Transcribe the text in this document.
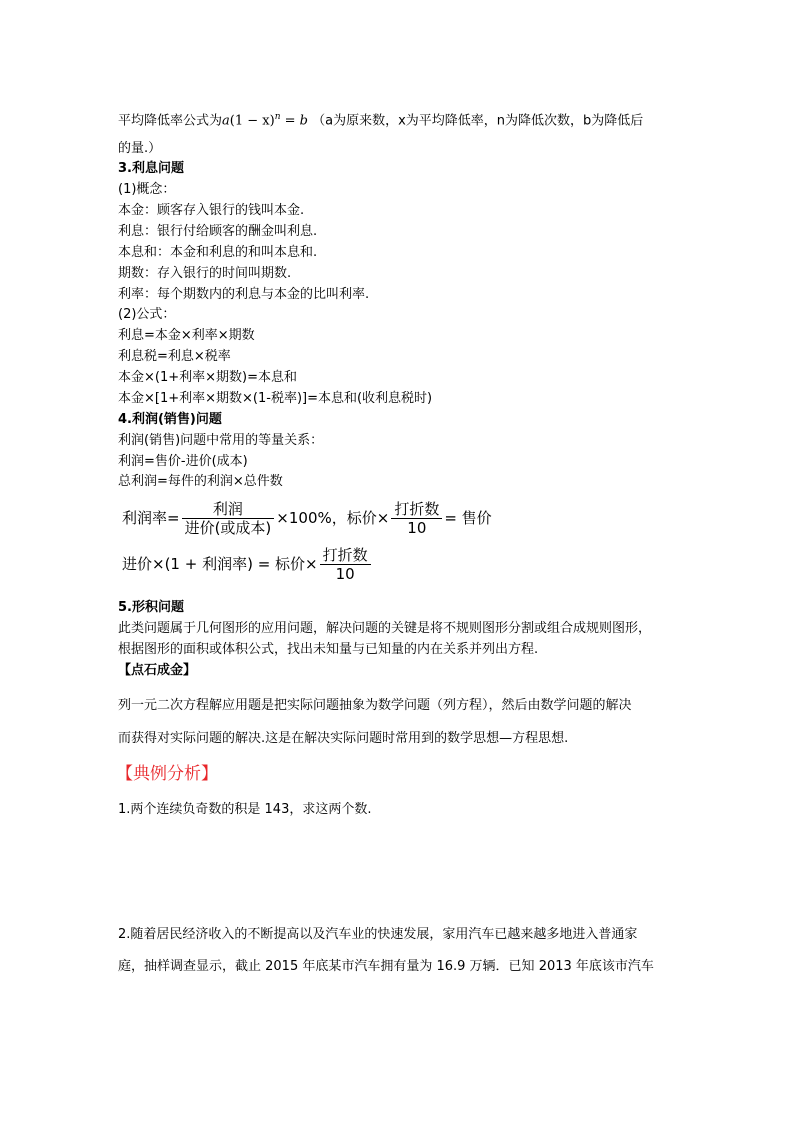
平均降低率公式为$a(1 - x)^n = b$ （a为原来数，x为平均降低率，n为降低次数，b为降低后
的量.）
3.利息问题
(1)概念：
本金：顾客存入银行的钱叫本金.
利息：银行付给顾客的酬金叫利息.
本息和：本金和利息的和叫本息和.
期数：存入银行的时间叫期数.
利率：每个期数内的利息与本金的比叫利率.
(2)公式：
利息=本金×利率×期数
利息税=利息×税率
本金×(1+利率×期数)=本息和
本金×[1+利率×期数×(1-税率)]=本息和(收利息税时)
4.利润(销售)问题
利润(销售)问题中常用的等量关系：
利润=售价-进价(成本)
总利润=每件的利润×总件数
利润率= $\frac{\text{利润}}{\text{进价(或成本)}} \times 100\%$，标价× $\frac{\text{打折数}}{10}$ = 售价
进价×(1 + 利润率) = 标价× $\frac{\text{打折数}}{10}$
5.形积问题
此类问题属于几何图形的应用问题，解决问题的关键是将不规则图形分割或组合成规则图形，
根据图形的面积或体积公式，找出未知量与已知量的内在关系并列出方程.
【点石成金】
列一元二次方程解应用题是把实际问题抽象为数学问题（列方程），然后由数学问题的解决
而获得对实际问题的解决.这是在解决实际问题时常用到的数学思想—方程思想.
【典例分析】
1.两个连续负奇数的积是 143，求这两个数.
2.随着居民经济收入的不断提高以及汽车业的快速发展，家用汽车已越来越多地进入普通家
庭，抽样调查显示，截止 2015 年底某市汽车拥有量为 16.9 万辆．已知 2013 年底该市汽车
